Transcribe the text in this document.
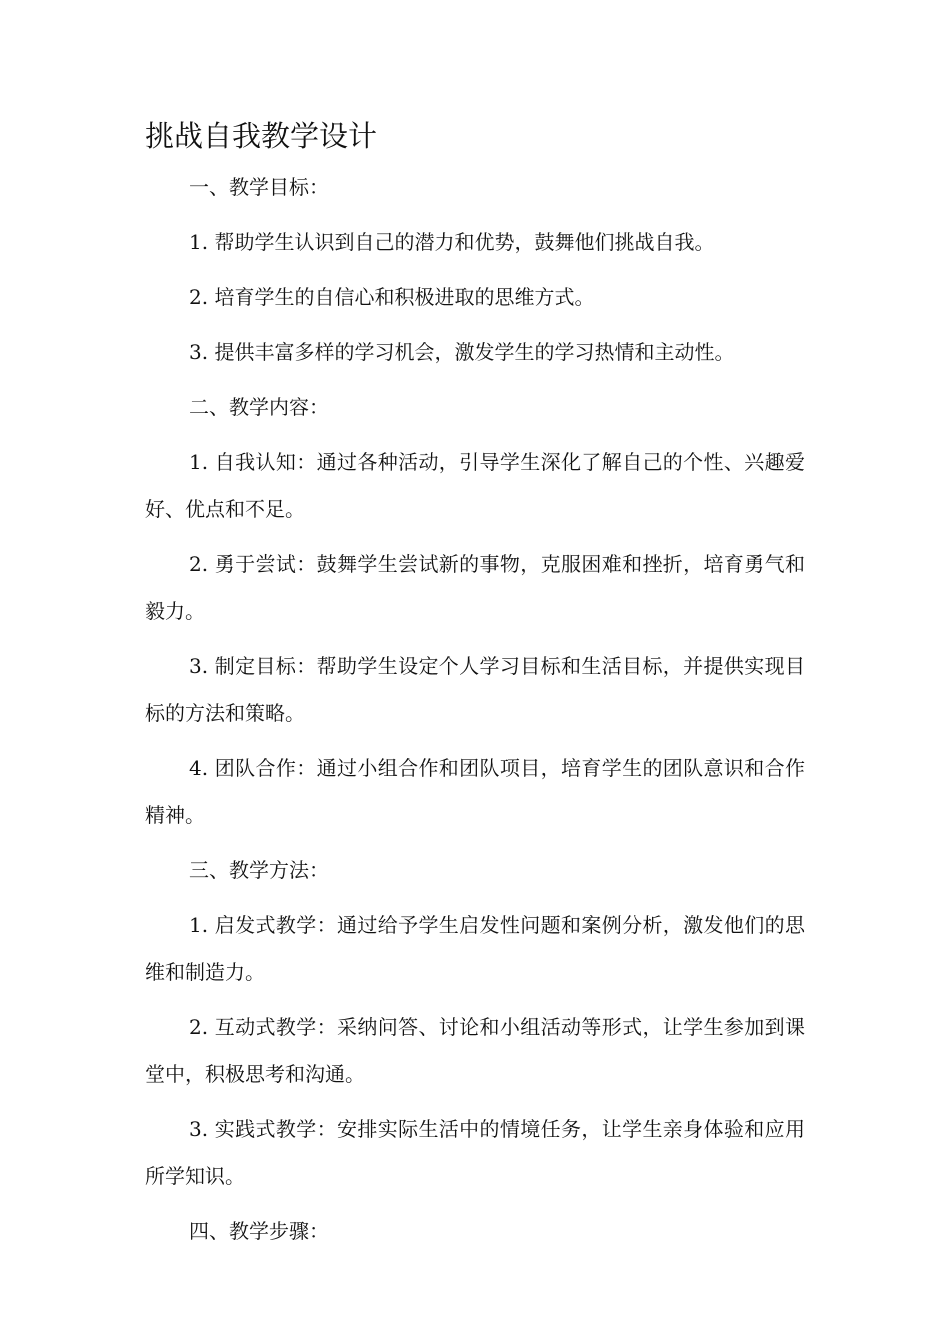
挑战自我教学设计

一、教学目标：

1. 帮助学生认识到自己的潜力和优势，鼓舞他们挑战自我。

2. 培育学生的自信心和积极进取的思维方式。

3. 提供丰富多样的学习机会，激发学生的学习热情和主动性。

二、教学内容：

1. 自我认知：通过各种活动，引导学生深化了解自己的个性、兴趣爱好、优点和不足。

2. 勇于尝试：鼓舞学生尝试新的事物，克服困难和挫折，培育勇气和毅力。

3. 制定目标：帮助学生设定个人学习目标和生活目标，并提供实现目标的方法和策略。

4. 团队合作：通过小组合作和团队项目，培育学生的团队意识和合作精神。

三、教学方法：

1. 启发式教学：通过给予学生启发性问题和案例分析，激发他们的思维和制造力。

2. 互动式教学：采纳问答、讨论和小组活动等形式，让学生参加到课堂中，积极思考和沟通。

3. 实践式教学：安排实际生活中的情境任务，让学生亲身体验和应用所学知识。

四、教学步骤：
